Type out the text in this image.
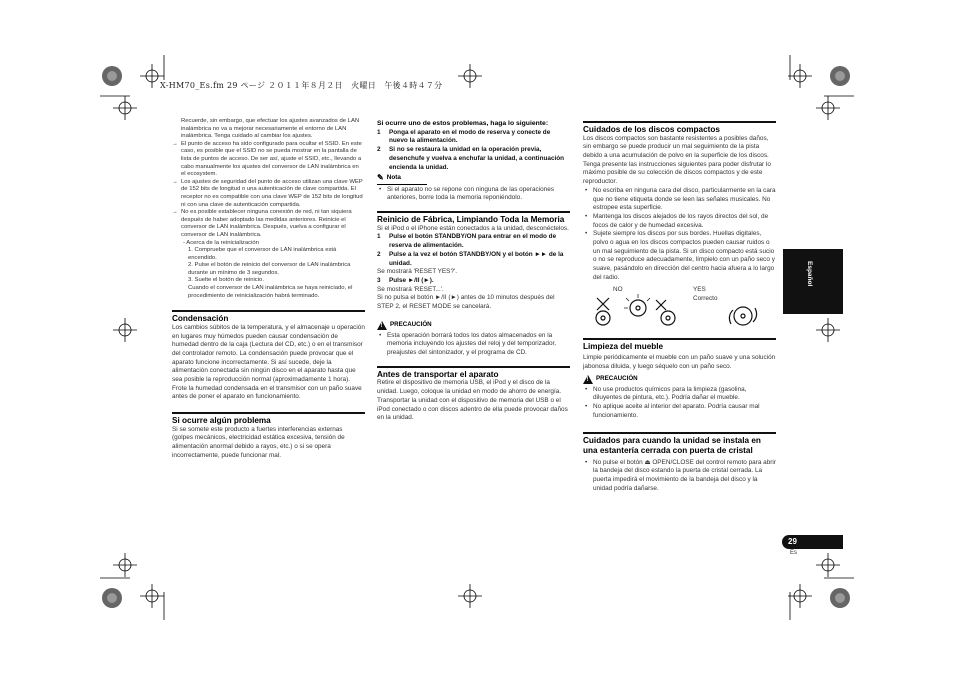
X-HM70_Es.fm 29 ページ ２０１１年８月２日　火曜日　午後４時４７分

Recuerde, sin embargo, que efectuar los ajustes avanzados de LAN inalámbrica no va a mejorar necesariamente el entorno de LAN inalámbrica. Tenga cuidado al cambiar los ajustes.

→ El punto de acceso ha sido configurado para ocultar el SSID. En este caso, es posible que el SSID no se pueda mostrar en la pantalla de lista de puntos de acceso. De ser así, ajuste el SSID, etc., llevando a cabo manualmente los ajustes del conversor de LAN inalámbrica en el ecosystem.
→ Los ajustes de seguridad del punto de acceso utilizan una clave WEP de 152 bits de longitud o una autenticación de clave compartida. El receptor no es compatible con una clave WEP de 152 bits de longitud ni con una clave de autenticación compartida.
→ No es posible establecer ninguna conexión de red, ni tan siquiera después de haber adoptado las medidas anteriores. Reinicie el conversor de LAN inalámbrica. Después, vuelva a configurar el conversor de LAN inalámbrica.

- Acerca de la reinicialización

1. Compruebe que el conversor de LAN inalámbrica está encendido.

2. Pulse el botón de reinicio del conversor de LAN inalámbrica durante un mínimo de 3 segundos.

3. Suelte el botón de reinicio.

Cuando el conversor de LAN inalámbrica se haya reiniciado, el procedimiento de reinicialización habrá terminado.

Condensación

Los cambios súbitos de la temperatura, y el almacenaje u operación en lugares muy húmedos pueden causar condensación de humedad dentro de la caja (Lectura del CD, etc.) o en el transmisor del controlador remoto. La condensación puede provocar que el aparato funcione incorrectamente. Si así sucede, deje la alimentación conectada sin ningún disco en el aparato hasta que sea posible la reproducción normal (aproximadamente 1 hora). Frote la humedad condensada en el transmisor con un paño suave antes de poner el aparato en funcionamiento.

Si ocurre algún problema

Si se somete este producto a fuertes interferencias externas (golpes mecánicos, electricidad estática excesiva, tensión de alimentación anormal debido a rayos, etc.) o si se opera incorrectamente, puede funcionar mal.

Si ocurre uno de estos problemas, haga lo siguiente:

1 Ponga el aparato en el modo de reserva y conecte de nuevo la alimentación.
2 Si no se restaura la unidad en la operación previa, desenchufe y vuelva a enchufar la unidad, a continuación encienda la unidad.
✎ Nota
• Si el aparato no se repone con ninguna de las operaciones anteriores, borre toda la memoria reponiéndolo.

Reinicio de Fábrica, Limpiando Toda la Memoria

Si el iPod o el iPhone están conectados a la unidad, desconéctelos.

1 Pulse el botón STANDBY/ON para entrar en el modo de reserva de alimentación.
2 Pulse a la vez el botón STANDBY/ON y el botón ►► de la unidad.

Se mostrará 'RESET YES?'.

3 Pulse ►/II (►).

Se mostrará 'RESET...'.

Si no pulsa el botón ►/II (►) antes de 10 minutos después del STEP 2, el RESET MODE se cancelará.

!
PRECAUCIÓN
• Esta operación borrará todos los datos almacenados en la memoria incluyendo los ajustes del reloj y del temporizador, preajustes del sintonizador, y el programa de CD.

Antes de transportar el aparato

Retire el dispositivo de memoria USB, el iPod y el disco de la unidad. Luego, coloque la unidad en modo de ahorro de energía. Transportar la unidad con el dispositivo de memoria del USB o el iPod conectado o con discos adentro de ella puede provocar daños en la unidad.

Cuidados de los discos compactos

Los discos compactos son bastante resistentes a posibles daños, sin embargo se puede producir un mal seguimiento de la pista debido a una acumulación de polvo en la superficie de los discos. Tenga presente las instrucciones siguientes para poder disfrutar lo máximo posible de su colección de discos compactos y de este reproductor.

• No escriba en ninguna cara del disco, particularmente en la cara que no tiene etiqueta donde se leen las señales musicales. No estropee esta superficie.
• Mantenga los discos alejados de los rayos directos del sol, de focos de calor y de humedad excesiva.
• Sujete siempre los discos por sus bordes. Huellas digitales, polvo o agua en los discos compactos pueden causar ruidos o un mal seguimiento de la pista. Si un disco compacto está sucio o no se reproduce adecuadamente, límpielo con un paño seco y suave, pasándolo en dirección del centro hacia afuera a lo largo del radio.
NO	YES
Correcto

Limpieza del mueble

Limpie periódicamente el mueble con un paño suave y una solución jabonosa diluida, y luego séquelo con un paño seco.

!
PRECAUCIÓN
• No use productos químicos para la limpieza (gasolina, diluyentes de pintura, etc.). Podría dañar el mueble.
• No aplique aceite al interior del aparato. Podría causar mal funcionamiento.

Cuidados para cuando la unidad se instala en una estantería cerrada con puerta de cristal

• No pulse el botón ⏏ OPEN/CLOSE del control remoto para abrir la bandeja del disco estando la puerta de cristal cerrada. La puerta impedirá el movimiento de la bandeja del disco y la unidad podría dañarse.
Español
29
Es
